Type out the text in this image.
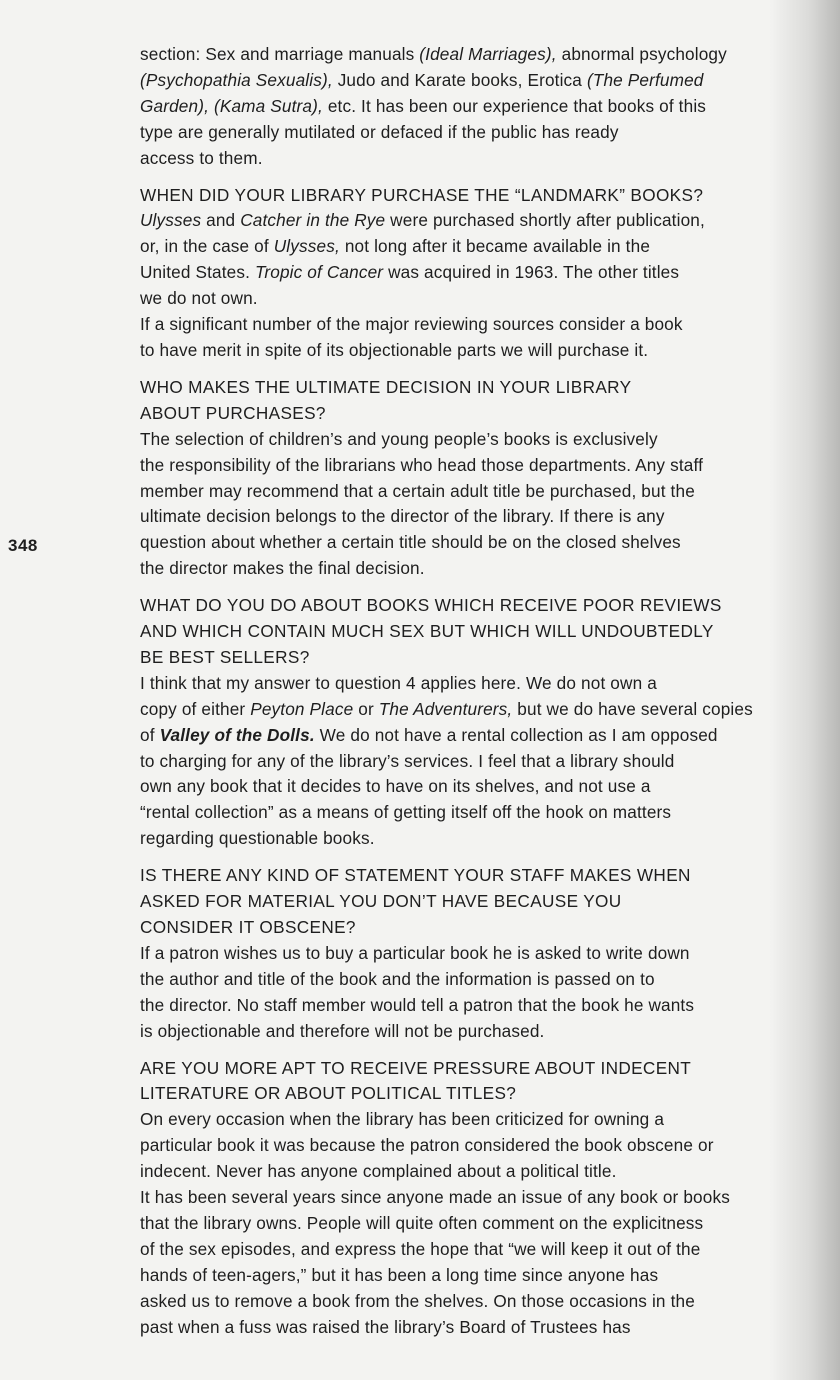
348
section: Sex and marriage manuals (Ideal Marriages), abnormal psychology
(Psychopathia Sexualis), Judo and Karate books, Erotica (The Perfumed
Garden), (Kama Sutra), etc. It has been our experience that books of this
type are generally mutilated or defaced if the public has ready
access to them.
WHEN DID YOUR LIBRARY PURCHASE THE “LANDMARK” BOOKS?
Ulysses and Catcher in the Rye were purchased shortly after publication,
or, in the case of Ulysses, not long after it became available in the
United States. Tropic of Cancer was acquired in 1963. The other titles
we do not own.
If a significant number of the major reviewing sources consider a book
to have merit in spite of its objectionable parts we will purchase it.
WHO MAKES THE ULTIMATE DECISION IN YOUR LIBRARY
ABOUT PURCHASES?
The selection of children’s and young people’s books is exclusively
the responsibility of the librarians who head those departments. Any staff
member may recommend that a certain adult title be purchased, but the
ultimate decision belongs to the director of the library. If there is any
question about whether a certain title should be on the closed shelves
the director makes the final decision.
WHAT DO YOU DO ABOUT BOOKS WHICH RECEIVE POOR REVIEWS
AND WHICH CONTAIN MUCH SEX BUT WHICH WILL UNDOUBTEDLY
BE BEST SELLERS?
I think that my answer to question 4 applies here. We do not own a
copy of either Peyton Place or The Adventurers, but we do have several copies
of Valley of the Dolls. We do not have a rental collection as I am opposed
to charging for any of the library’s services. I feel that a library should
own any book that it decides to have on its shelves, and not use a
“rental collection” as a means of getting itself off the hook on matters
regarding questionable books.
IS THERE ANY KIND OF STATEMENT YOUR STAFF MAKES WHEN
ASKED FOR MATERIAL YOU DON’T HAVE BECAUSE YOU
CONSIDER IT OBSCENE?
If a patron wishes us to buy a particular book he is asked to write down
the author and title of the book and the information is passed on to
the director. No staff member would tell a patron that the book he wants
is objectionable and therefore will not be purchased.
ARE YOU MORE APT TO RECEIVE PRESSURE ABOUT INDECENT
LITERATURE OR ABOUT POLITICAL TITLES?
On every occasion when the library has been criticized for owning a
particular book it was because the patron considered the book obscene or
indecent. Never has anyone complained about a political title.
It has been several years since anyone made an issue of any book or books
that the library owns. People will quite often comment on the explicitness
of the sex episodes, and express the hope that “we will keep it out of the
hands of teen-agers,” but it has been a long time since anyone has
asked us to remove a book from the shelves. On those occasions in the
past when a fuss was raised the library’s Board of Trustees has
